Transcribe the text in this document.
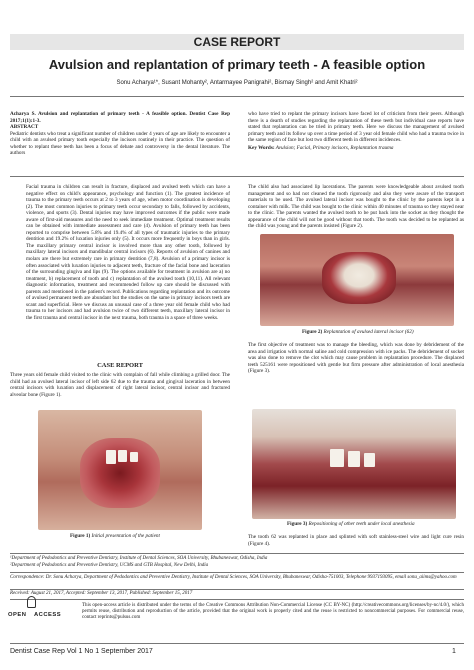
CASE REPORT
Avulsion and replantation of primary teeth - A feasible option
Sonu Acharya¹*, Susant Mohanty², Antarmayee Panigrahi², Bismay Singh² and Amit Khatri²
Acharya S. Avulsion and replantation of primary teeth - A feasible option. Dentist Case Rep 2017;1(1):1-3.
ABSTRACT
Pediatric dentists who treat a significant number of children under 4 years of age are likely to encounter a child with an avulsed primary tooth especially the incisors routinely in their practice. The question of whether to replant these teeth has been a focus of debate and controversy in the dental literature. The authors
who have tried to replant the primary incisors have faced lot of criticism from their peers. Although there is a dearth of studies regarding the replantation of these teeth but individual case reports have stated that replantation can be tried in primary teeth. Here we discuss the management of avulsed primary teeth and its follow up over a time period of 3 year old female child who had a trauma twice in the same region of face but lost two different teeth in different incidences.
Key Words: Avulsion; Facial, Primary incisors, Replantation trauma
Facial trauma in children can result in fracture, displaced and avulsed teeth which can have a negative effect on child's appearance, psychology and function (1). The greatest incidence of trauma to the primary teeth occurs at 2 to 3 years of age, when motor coordination is developing (2). The most common injuries to primary teeth occur secondary to falls, followed by accidents, violence, and sports (3). Dental injuries may have improved outcomes if the public were made aware of first-aid measures and the need to seek immediate treatment. Optimal treatment results can be obtained with immediate assessment and care (4). Avulsion of primary teeth has been reported to comprise between 5.8% and 19.4% of all types of traumatic injuries to the primary dentition and 19.2% of luxation injuries only (5). It occurs more frequently in boys than in girls. The maxillary primary central incisor is involved more than any other tooth, followed by maxillary lateral incisors and mandibular central incisors (6). Reports of avulsion of canines and molars are there but extremely rare in primary dentition (7,8). Avulsion of a primary incisor is often associated with luxation injuries to adjacent teeth, fracture of the facial bone and laceration of the surrounding gingiva and lips (9). The options available for treatment in avulsion are a) no treatment, b) replacement of tooth and c) replantation of the avulsed tooth (10,11). All relevant diagnostic information, treatment and recommended follow up care should be discussed with parents and mentioned in the patient's record. Publications regarding replantation and its outcome of avulsed permanent teeth are abundant but the studies on the same in primary incisors teeth are scant and superficial. Here we discuss an unusual case of a three year old female child who had trauma to her incisors and had avulsion twice of two different teeth, maxillary lateral incisor in the first trauma and central incisor in the next trauma, both trauma in a space of three weeks.
CASE REPORT
Three years old female child visited to the clinic with complain of fall while climbing a grilled door. The child had an avulsed lateral incisor of left side 62 due to the trauma and gingival laceration in between central incisors with luxation and displacement of right lateral incisor, central incisor and fractured alveolar bone (Figure 1).
Figure 1) Initial presentation of the patient
The child also had associated lip lacerations. The parents were knowledgeable about avulsed tooth management and so had not cleaned the tooth rigorously and also they were aware of the transport materials to be used. The avulsed lateral incisor was bought to the clinic by the parents kept in a container with milk. The child was bought to the clinic within 40 minutes of trauma so they stayed near to the clinic. The parents wanted the avulsed tooth to be put back into the socket as they thought the appearance of the child will not be good without that tooth. The tooth was decided to be replanted as the child was young and the parents insisted (Figure 2).
Figure 2) Replantation of avulsed lateral incisor (62)
The first objective of treatment was to manage the bleeding, which was done by debridement of the area and irrigation with normal saline and cold compression with ice packs. The debridement of socket was also done to remove the clot which may cause problem in replantation procedure. The displaced teeth 525161 were repositioned with gentle but firm pressure after administration of local anesthesia (Figure 3).
Figure 3) Repositioning of other teeth under local anesthesia
The tooth 62 was replanted in place and splinted with soft stainless-steel wire and light cure resin (Figure 4).
¹Department of Pedodontics and Preventive Dentistry, Institute of Dental Sciences, SOA University, Bhubaneswar, Odisha, India
²Department of Pedodontics and Preventive Dentistry, UCMS and GTB Hospital, New Delhi, India
Correspondence: Dr. Sonu Acharya, Department of Pedodontics and Preventive Dentistry, Institute of Dental Sciences, SOA University, Bhubaneswar, Odisha-751003, Telephone 9937193095, email sonu_aiims@yahoo.com
Received: August 21, 2017, Accepted: September 13, 2017, Published: September 15, 2017
OPEN ACCESS
This open-access article is distributed under the terms of the Creative Commons Attribution Non-Commercial License (CC BY-NC) (http://creativecommons.org/licenses/by-nc/4.0/), which permits reuse, distribution and reproduction of the article, provided that the original work is properly cited and the reuse is restricted to noncommercial purposes. For commercial reuse, contact reprints@pulsus.com
Dentist Case Rep Vol 1 No 1 September 2017	1
